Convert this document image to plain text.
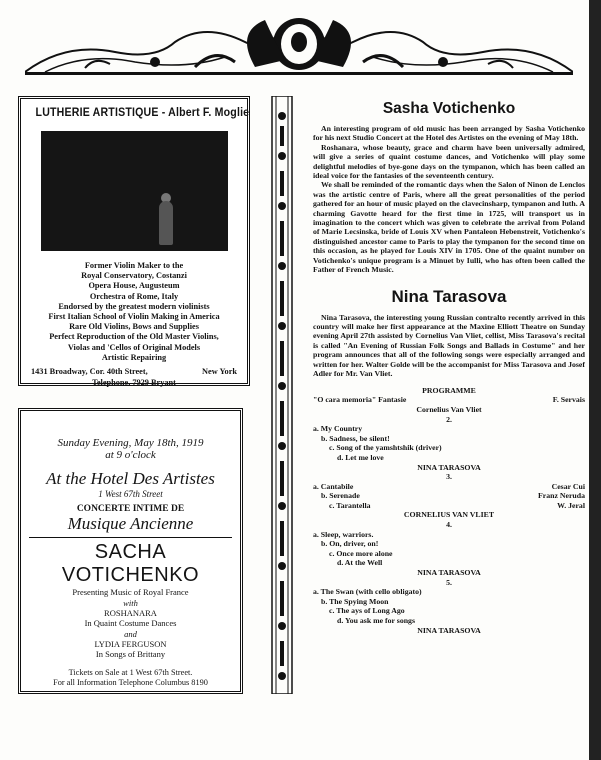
LUTHERIE ARTISTIQUE - Albert F. Moglie
Former Violin Maker to the
Royal Conservatory, Costanzi
Opera House, Augusteum
Orchestra of Rome, Italy
Endorsed by the greatest modern violinists
First Italian School of Violin Making in America
Rare Old Violins, Bows and Supplies
Perfect Reproduction of the Old Master Violins,
Violas and 'Cellos of Original Models
Artistic Repairing
1431 Broadway, Cor. 40th Street,	New York
Telephone, 7929 Bryant
Sunday Evening, May 18th, 1919
at 9 o'clock
At the Hotel Des Artistes
1 West 67th Street
CONCERTE INTIME DE
Musique Ancienne
SACHA VOTICHENKO
Presenting Music of Royal France
with
ROSHANARA
In Quaint Costume Dances
and
LYDIA FERGUSON
In Songs of Brittany
Tickets on Sale at 1 West 67th Street.
For all Information Telephone Columbus 8190
Sasha Votichenko

An interesting program of old music has been arranged by Sasha Votichenko for his next Studio Concert at the Hotel des Artistes on the evening of May 18th.

Roshanara, whose beauty, grace and charm have been universally admired, will give a series of quaint costume dances, and Votichenko will play some delightful melodies of bye-gone days on the tympanon, which has been called an ideal voice for the fantasies of the seventeenth century.

We shall be reminded of the romantic days when the Salon of Ninon de Lenclos was the artistic centre of Paris, where all the great personalities of the period gathered for an hour of music played on the clavecinsharp, tympanon and luth. A charming Gavotte heard for the first time in 1725, will transport us in imagination to the concert which was given to celebrate the arrival from Poland of Marie Lecsinska, bride of Louis XV when Pantaleon Hebenstreit, Votichenko's distinguished ancestor came to Paris to play the tympanon for the second time on this occasion, as he played for Louis XIV in 1705. One of the quaint number on Votichenko's unique program is a Minuet by Iulli, who has often been called the Father of French Music.

Nina Tarasova

Nina Tarasova, the interesting young Russian contralto recently arrived in this country will make her first appearance at the Maxine Elliott Theatre on Sunday evening April 27th assisted by Cornelius Van Vliet, cellist, Miss Tarasova's recital is called "An Evening of Russian Folk Songs and Ballads in Costume" and her program announces that all of the following songs were especially arranged and written for her. Walter Golde will be the accompanist for Miss Tarasova and Josef Adler for Mr. Van Vliet.

PROGRAMME
"O cara memoria" Fantasie	F. Servais
Cornelius Van Vliet
2.
a. My Country
b. Sadness, be silent!
c. Song of the yamshtshik (driver)
d. Let me love
NINA TARASOVA
3.
a. Cantabile	Cesar Cui
b. Serenade	Franz Neruda
c. Tarantella	W. Jeral
CORNELIUS VAN VLIET
4.
a. Sleep, warriors.
b. On, driver, on!
c. Once more alone
d. At the Well
NINA TARASOVA
5.
a. The Swan (with cello obligato)
b. The Spying Moon
c. The ays of Long Ago
d. You ask me for songs
NINA TARASOVA
